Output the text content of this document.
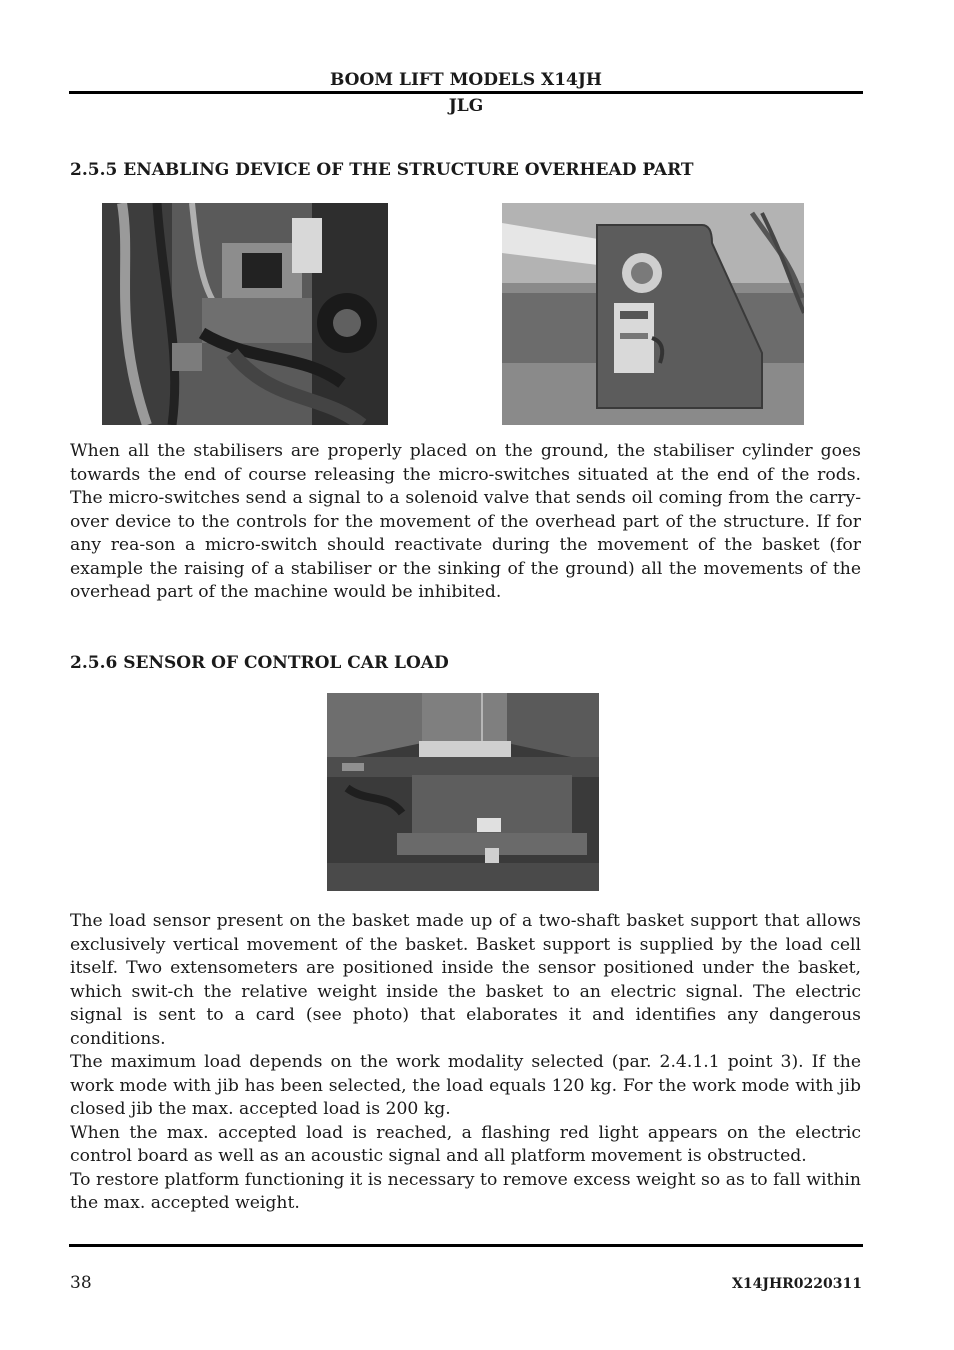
BOOM LIFT MODELS X14JH
JLG
2.5.5 ENABLING DEVICE OF THE STRUCTURE OVERHEAD PART
When all the stabilisers are properly placed on the ground, the stabiliser cylinder goes towards the end of course releasing the micro-switches situated at the end of the rods. The micro-switches send a signal to a solenoid valve that sends oil coming from the carry-over device to the controls for the movement of the overhead part of the structure. If for any rea-son a micro-switch should reactivate during the movement of the basket (for example the raising of a stabiliser or the sinking of the ground) all the movements of the overhead part of the machine would be inhibited.
2.5.6 SENSOR OF CONTROL CAR LOAD

The load sensor present on the basket made up of a two-shaft basket support that allows exclusively vertical movement of the basket. Basket support is supplied by the load cell itself. Two extensometers are positioned inside the sensor positioned under the basket, which swit-ch the relative weight inside the basket to an electric signal. The electric signal is sent to a card (see photo) that elaborates it and identifies any dangerous conditions.

The maximum load depends on the work modality selected (par. 2.4.1.1 point 3). If the work mode with jib has been selected, the load equals 120 kg. For the work mode with jib closed jib the max. accepted load is 200 kg.

When the max. accepted load is reached, a flashing red light appears on the electric control board as well as an acoustic signal and all platform movement is obstructed.

To restore platform functioning it is necessary to remove excess weight so as to fall within the max. accepted weight.

38	X14JHR0220311
